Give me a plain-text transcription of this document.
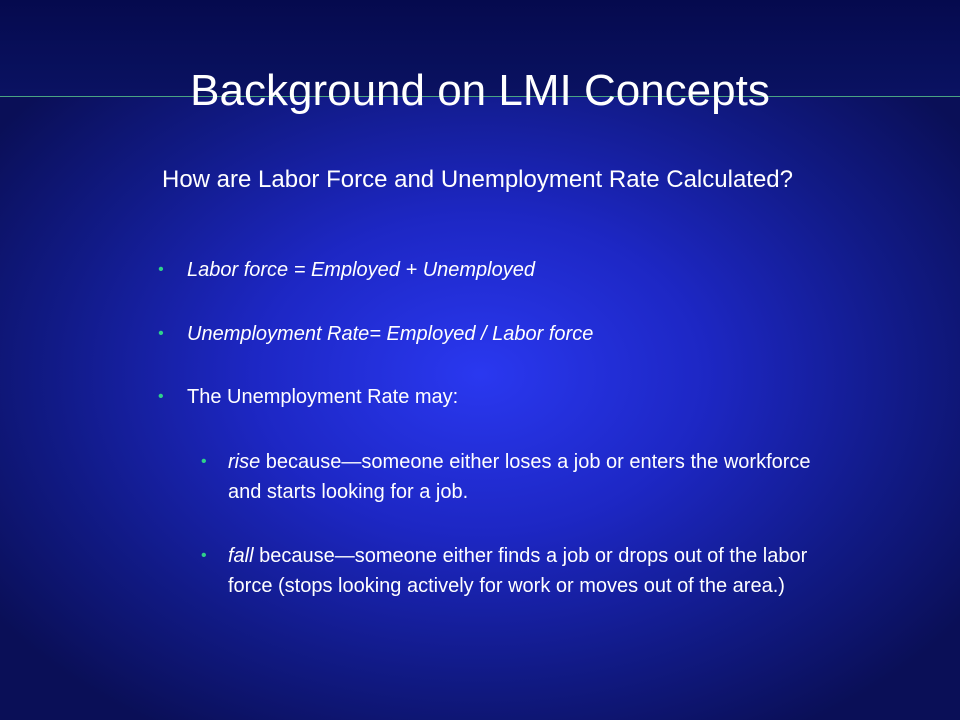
Background on LMI Concepts
How are Labor Force and Unemployment Rate Calculated?
• Labor force = Employed + Unemployed
• Unemployment Rate= Employed / Labor force
• The Unemployment Rate may:
• rise because—someone either loses a job or enters the workforce and starts looking for a job.
• fall because—someone either finds a job or drops out of the labor force (stops looking actively for work or moves out of the area.)
